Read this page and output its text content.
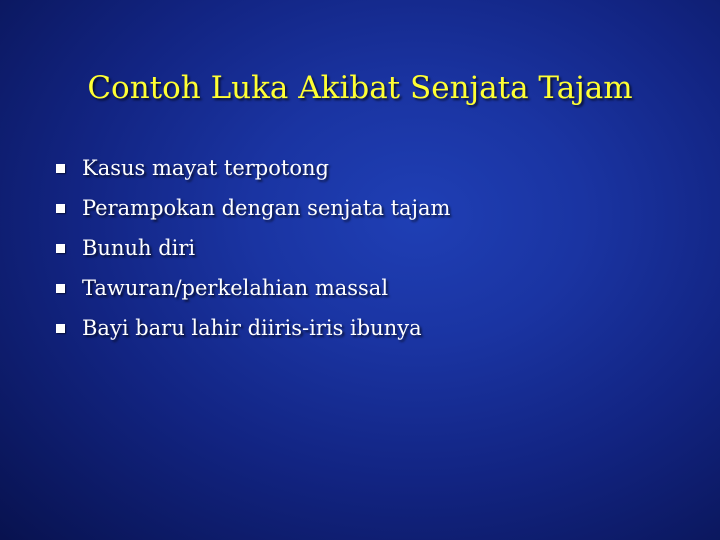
Contoh Luka Akibat Senjata Tajam
Kasus mayat terpotong
Perampokan dengan senjata tajam
Bunuh diri
Tawuran/perkelahian massal
Bayi baru lahir diiris-iris ibunya
